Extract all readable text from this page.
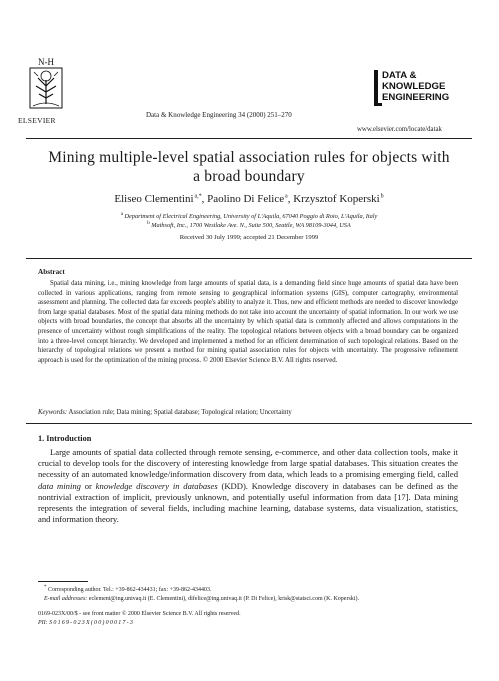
N-H
ELSEVIER
Data & Knowledge Engineering 34 (2000) 251–270
DATA &
KNOWLEDGE
ENGINEERING
www.elsevier.com/locate/datak
Mining multiple-level spatial association rules for objects with
a broad boundary
Eliseo Clementini $^{a,*}$, Paolino Di Felice $^a$, Krzysztof Koperski $^b$
$^a$ Department of Electrical Engineering, University of L'Aquila, 67040 Poggio di Roio, L'Aquila, Italy
$^b$ Mathsoft, Inc., 1700 Westlake Ave. N., Suite 500, Seattle, WA 98109-3044, USA
Received 30 July 1999; accepted 21 December 1999
Abstract
Spatial data mining, i.e., mining knowledge from large amounts of spatial data, is a demanding field since huge amounts of spatial data have been collected in various applications, ranging from remote sensing to geographical information systems (GIS), computer cartography, environmental assessment and planning. The collected data far exceeds people's ability to analyze it. Thus, new and efficient methods are needed to discover knowledge from large spatial databases. Most of the spatial data mining methods do not take into account the uncertainty of spatial information. In our work we use objects with broad boundaries, the concept that absorbs all the uncertainty by which spatial data is commonly affected and allows computations in the presence of uncertainty without rough simplifications of the reality. The topological relations between objects with a broad boundary can be organized into a three-level concept hierarchy. We developed and implemented a method for an efficient determination of such topological relations. Based on the hierarchy of topological relations we present a method for mining spatial association rules for objects with uncertainty. The progressive refinement approach is used for the optimization of the mining process. © 2000 Elsevier Science B.V. All rights reserved.
Keywords: Association rule; Data mining; Spatial database; Topological relation; Uncertainty
1. Introduction
Large amounts of spatial data collected through remote sensing, e-commerce, and other data collection tools, make it crucial to develop tools for the discovery of interesting knowledge from large spatial databases. This situation creates the necessity of an automated knowledge/information discovery from data, which leads to a promising emerging field, called data mining or knowledge discovery in databases (KDD). Knowledge discovery in databases can be defined as the nontrivial extraction of implicit, previously unknown, and potentially useful information from data [17]. Data mining represents the integration of several fields, including machine learning, database systems, data visualization, statistics, and information theory.
* Corresponding author. Tel.: +39-862-434431; fax: +39-862-434403.
E-mail addresses: eclement@ing.univaq.it (E. Clementini), difelice@ing.univaq.it (P. Di Felice), krisk@statsci.com (K. Koperski).
0169-023X/00/$ - see front matter © 2000 Elsevier Science B.V. All rights reserved.
PII: S0169-023X(00)00017-3
